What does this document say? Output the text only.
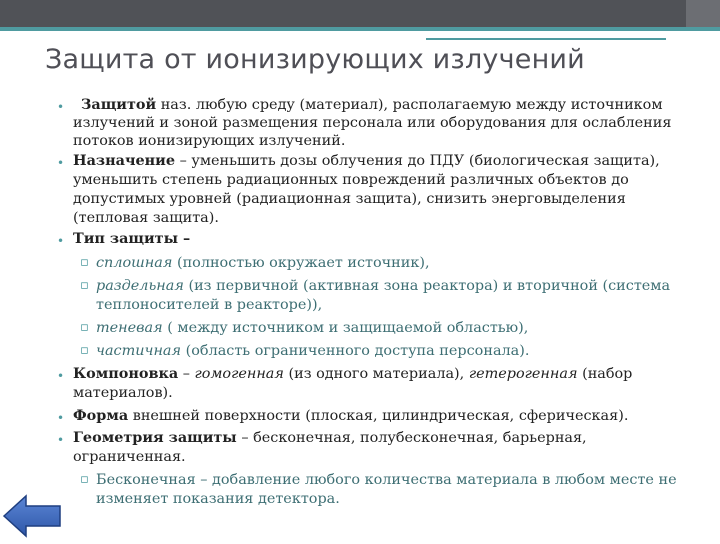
Защита от ионизирующих излучений
• Защитой наз. любую среду (материал), располагаемую между источником
излучений и зоной размещения персонала или оборудования для ослабления
потоков ионизирующих излучений.
• Назначение – уменьшить дозы облучения до ПДУ (биологическая защита),
уменьшить степень радиационных повреждений различных объектов до
допустимых уровней (радиационная защита), снизить энерговыделения
(тепловая защита).
• Тип защиты –
▫ сплошная (полностью окружает источник),
▫ раздельная (из первичной (активная зона реактора) и вторичной (система
теплоносителей в реакторе)),
▫ теневая ( между источником и защищаемой областью),
▫ частичная (область ограниченного доступа персонала).
• Компоновка – гомогенная (из одного материала), гетерогенная (набор
материалов).
• Форма внешней поверхности (плоская, цилиндрическая, сферическая).
• Геометрия защиты – бесконечная, полубесконечная, барьерная,
ограниченная.
▫ Бесконечная – добавление любого количества материала в любом месте не
изменяет показания детектора.
